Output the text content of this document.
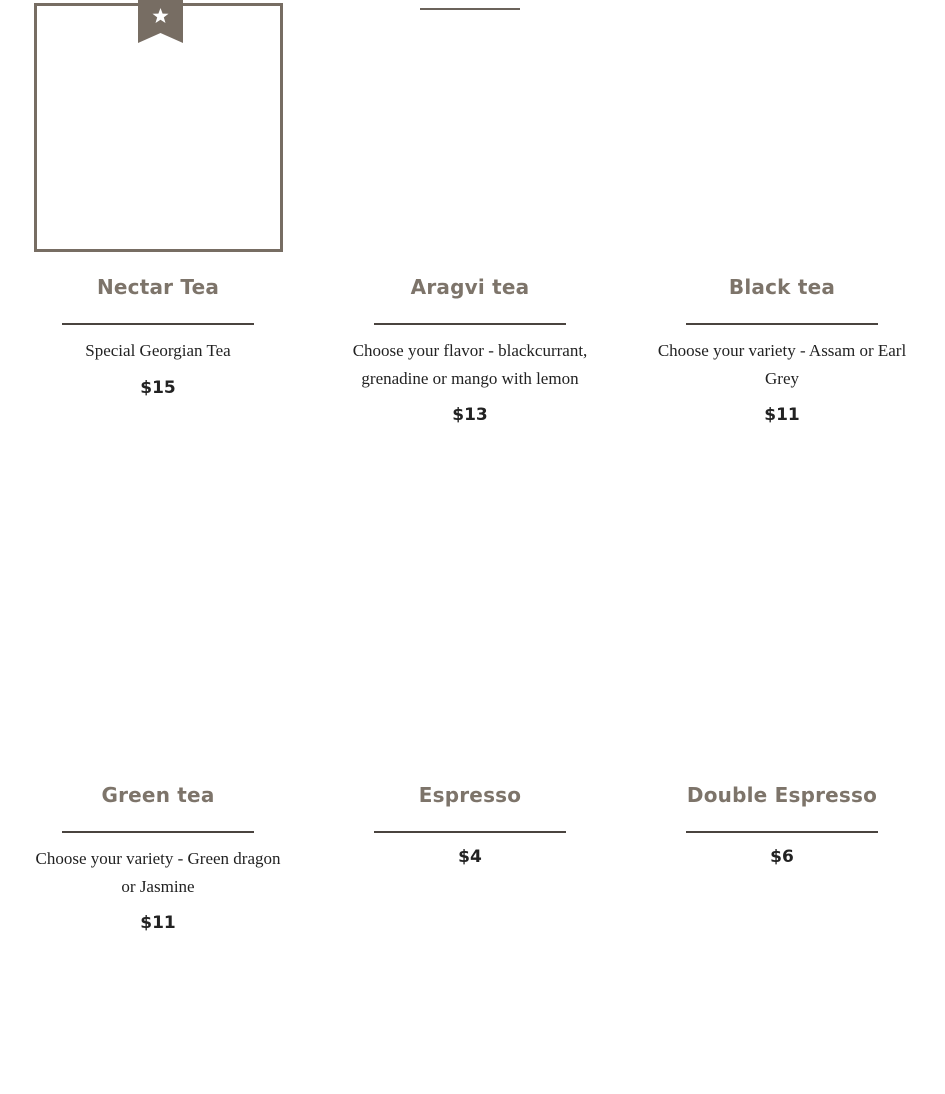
Nectar Tea

Special Georgian Tea

$15

Aragvi tea

Choose your flavor - blackcurrant, grenadine or mango with lemon

$13

Black tea

Choose your variety - Assam or Earl Grey

$11

Green tea

Choose your variety - Green dragon or Jasmine

$11

Espresso

$4

Double Espresso

$6
